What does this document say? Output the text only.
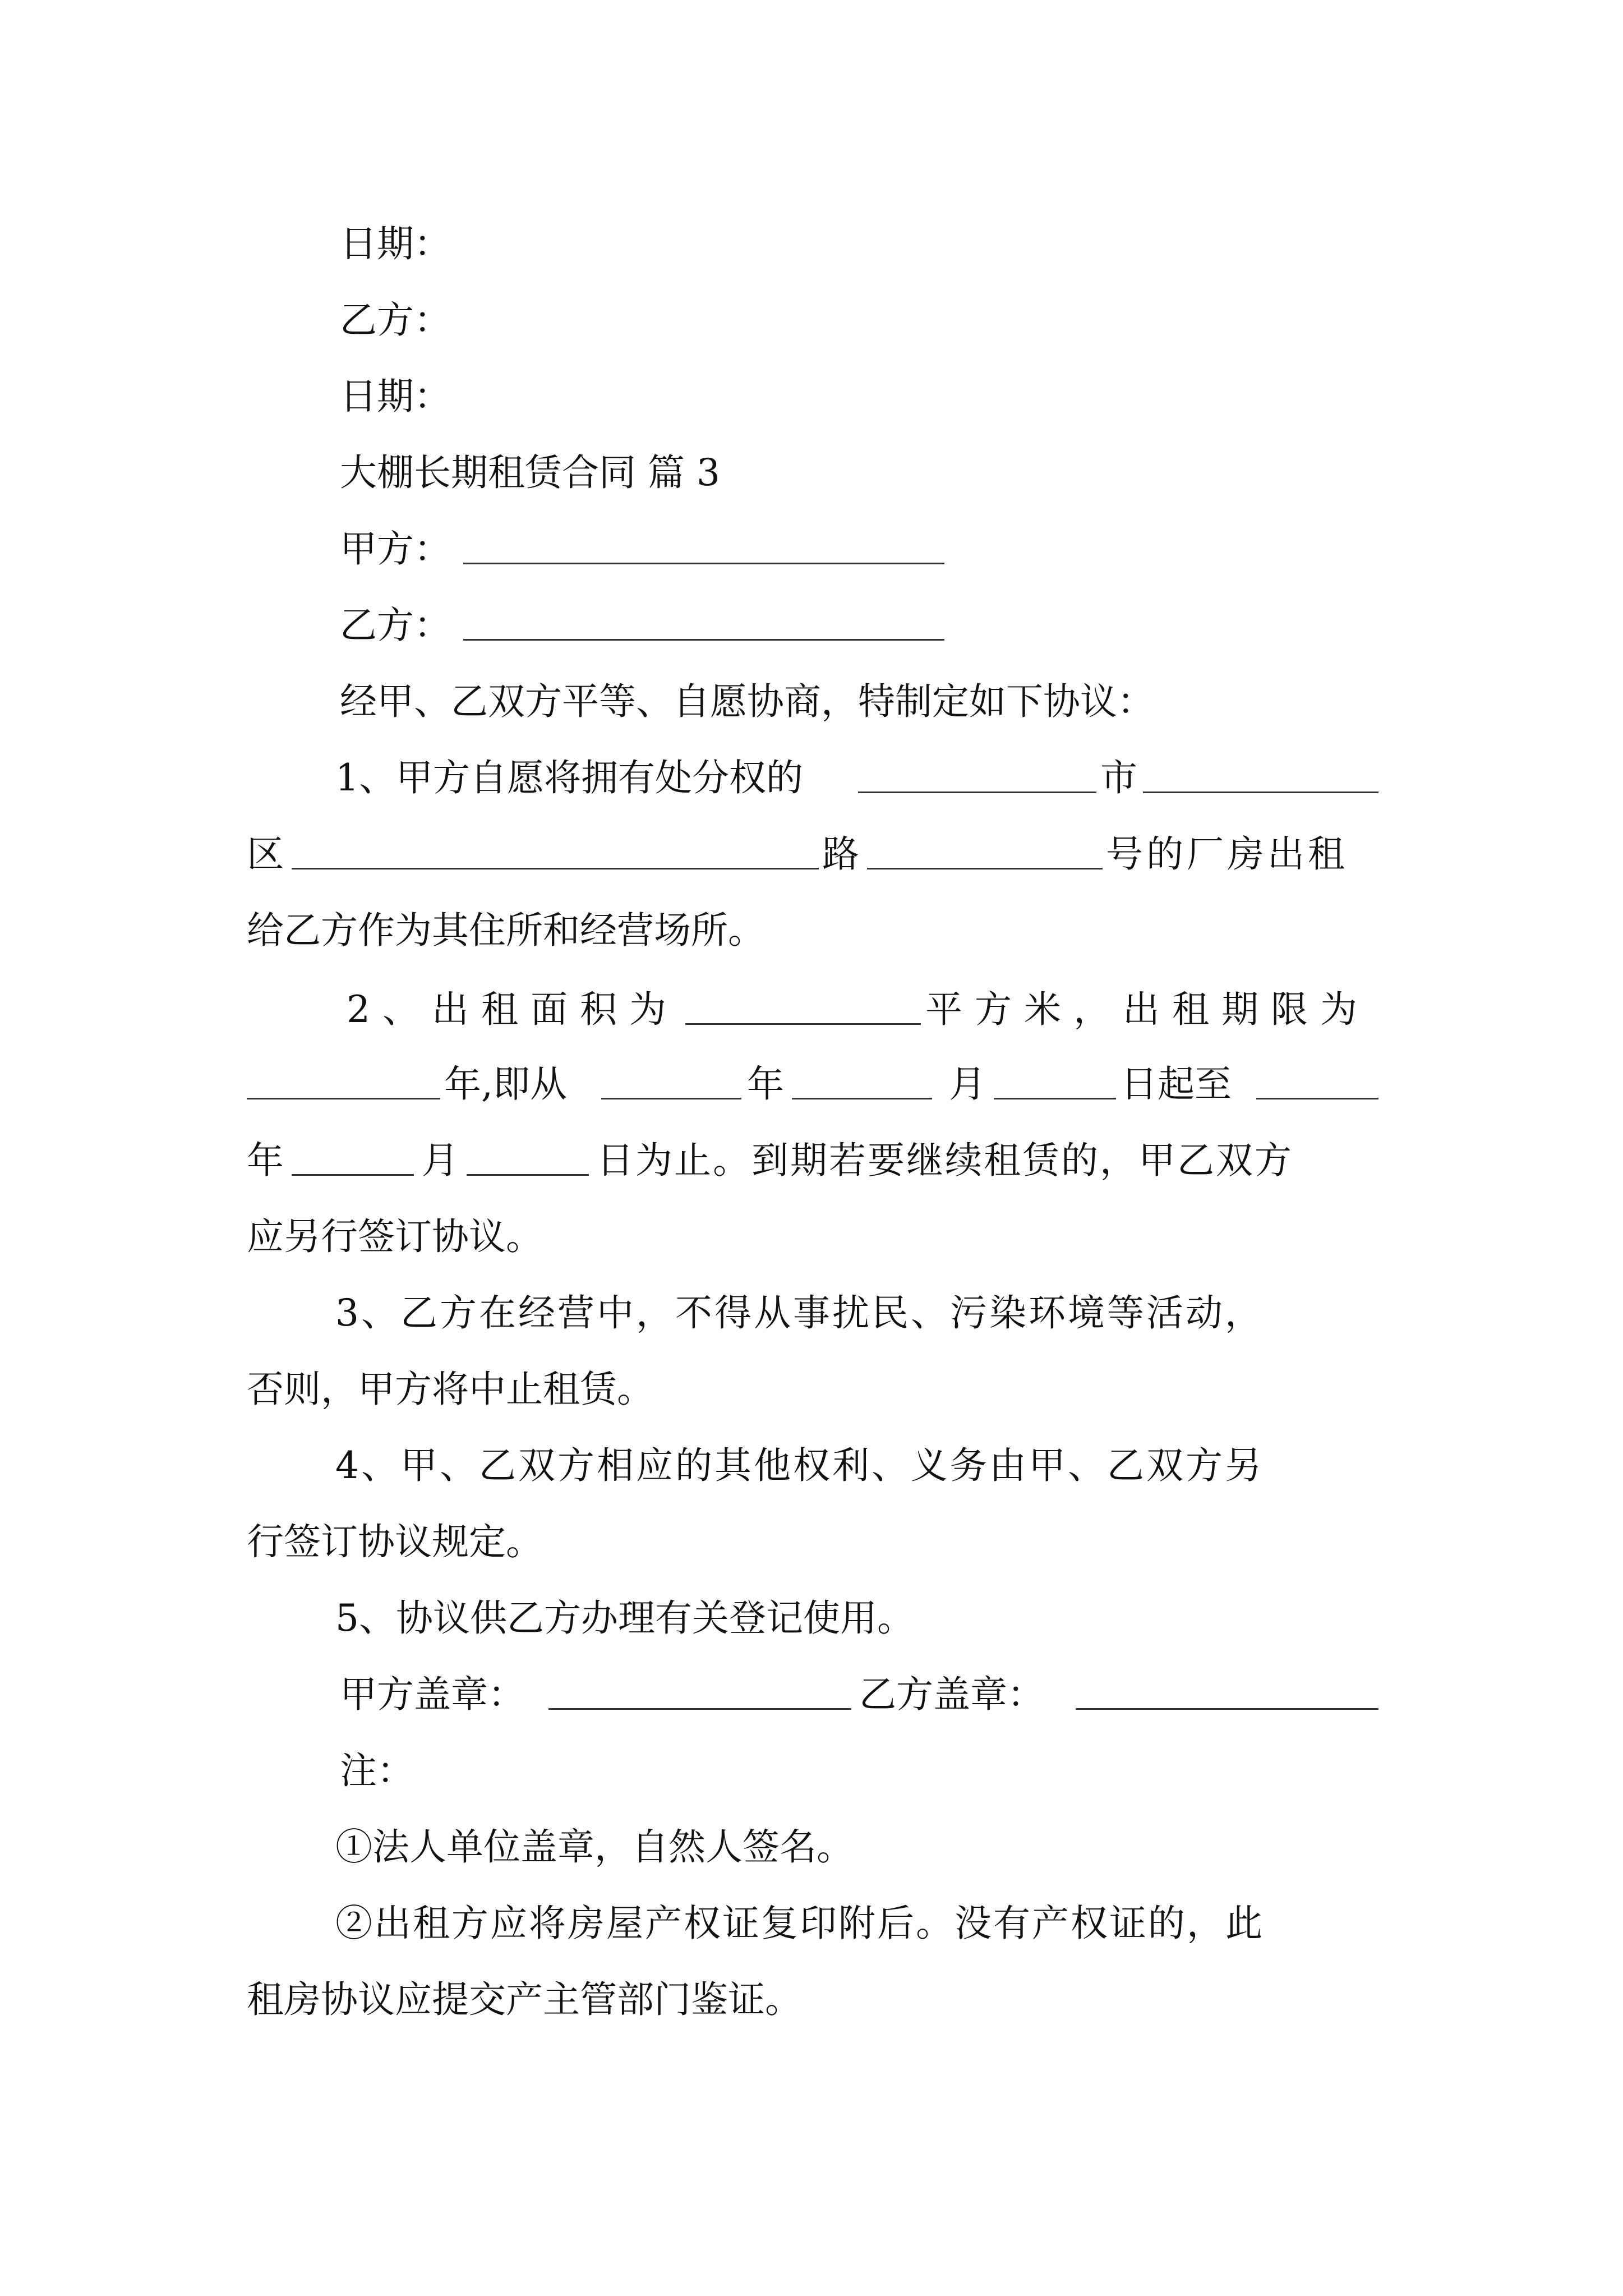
日期：
乙方：
日期：
大棚长期租赁合同 篇 3
甲方：
乙方：
经甲、乙双方平等、自愿协商，特制定如下协议：
1、甲方自愿将拥有处分权的	市
区	路	号的厂房出租
给乙方作为其住所和经营场所。
2、出租面积为	平方米，出租期限为
年,即从	年	月	日起至
年	月	日为止。到期若要继续租赁的，甲乙双方
应另行签订协议。
3、乙方在经营中，不得从事扰民、污染环境等活动，
否则，甲方将中止租赁。
4、甲、乙双方相应的其他权利、义务由甲、乙双方另
行签订协议规定。
5、协议供乙方办理有关登记使用。
甲方盖章：	乙方盖章：
注：
①法人单位盖章，自然人签名。
②出租方应将房屋产权证复印附后。没有产权证的，此
租房协议应提交产主管部门鉴证。
